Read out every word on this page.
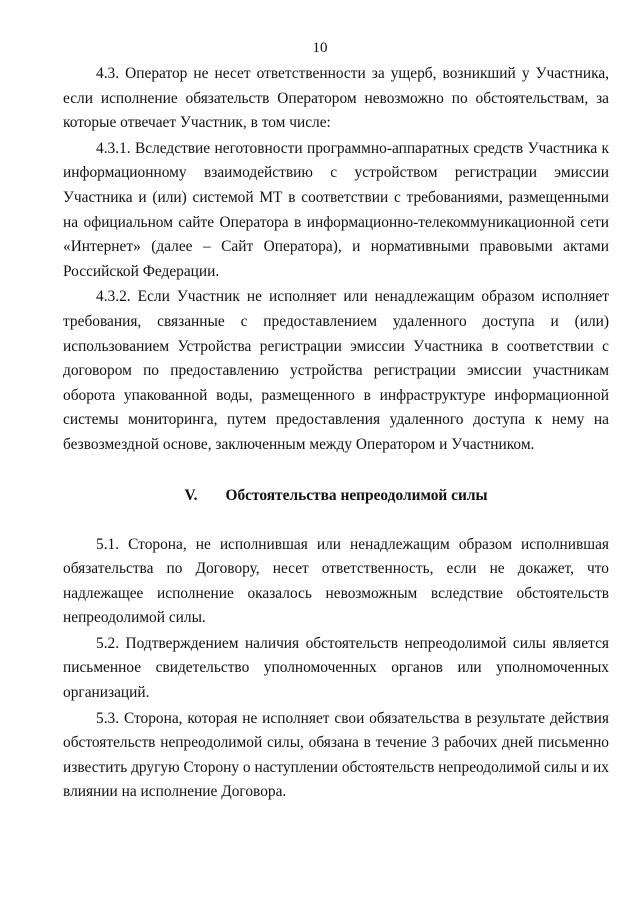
10

4.3. Оператор не несет ответственности за ущерб, возникший у Участника, если исполнение обязательств Оператором невозможно по обстоятельствам, за которые отвечает Участник, в том числе:

4.3.1. Вследствие неготовности программно-аппаратных средств Участника к информационному взаимодействию с устройством регистрации эмиссии Участника и (или) системой МТ в соответствии с требованиями, размещенными на официальном сайте Оператора в информационно-телекоммуникационной сети «Интернет» (далее – Сайт Оператора), и нормативными правовыми актами Российской Федерации.

4.3.2. Если Участник не исполняет или ненадлежащим образом исполняет требования, связанные с предоставлением удаленного доступа и (или) использованием Устройства регистрации эмиссии Участника в соответствии с договором по предоставлению устройства регистрации эмиссии участникам оборота упакованной воды, размещенного в инфраструктуре информационной системы мониторинга, путем предоставления удаленного доступа к нему на безвозмездной основе, заключенным между Оператором и Участником.

V. Обстоятельства непреодолимой силы

5.1. Сторона, не исполнившая или ненадлежащим образом исполнившая обязательства по Договору, несет ответственность, если не докажет, что надлежащее исполнение оказалось невозможным вследствие обстоятельств непреодолимой силы.

5.2. Подтверждением наличия обстоятельств непреодолимой силы является письменное свидетельство уполномоченных органов или уполномоченных организаций.

5.3. Сторона, которая не исполняет свои обязательства в результате действия обстоятельств непреодолимой силы, обязана в течение 3 рабочих дней письменно известить другую Сторону о наступлении обстоятельств непреодолимой силы и их влиянии на исполнение Договора.
